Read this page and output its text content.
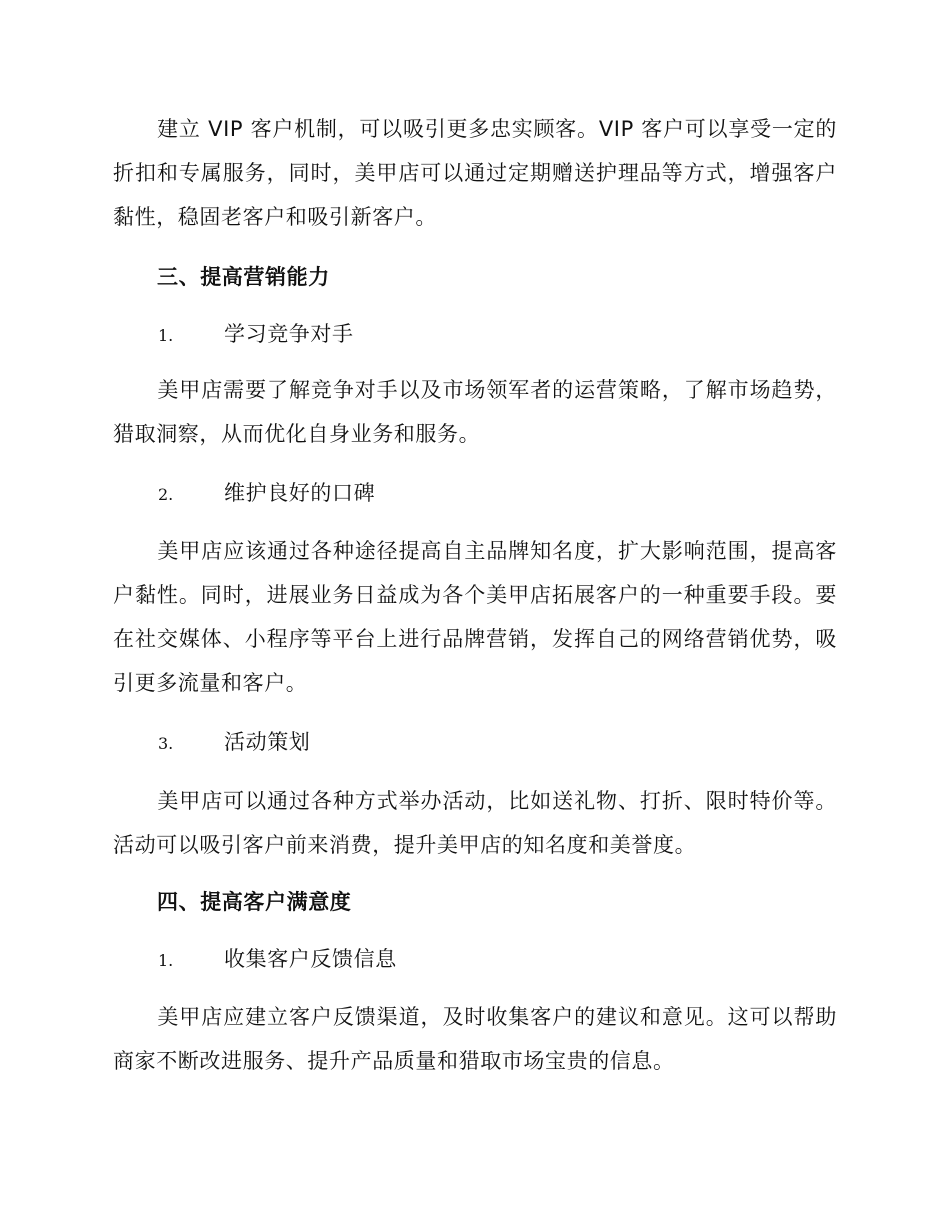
建立 VIP 客户机制，可以吸引更多忠实顾客。VIP 客户可以享受一定的折扣和专属服务，同时，美甲店可以通过定期赠送护理品等方式，增强客户黏性，稳固老客户和吸引新客户。

三、提高营销能力

1. 学习竞争对手

美甲店需要了解竞争对手以及市场领军者的运营策略，了解市场趋势，猎取洞察，从而优化自身业务和服务。

2. 维护良好的口碑

美甲店应该通过各种途径提高自主品牌知名度，扩大影响范围，提高客户黏性。同时，进展业务日益成为各个美甲店拓展客户的一种重要手段。要在社交媒体、小程序等平台上进行品牌营销，发挥自己的网络营销优势，吸引更多流量和客户。

3. 活动策划

美甲店可以通过各种方式举办活动，比如送礼物、打折、限时特价等。活动可以吸引客户前来消费，提升美甲店的知名度和美誉度。

四、提高客户满意度

1. 收集客户反馈信息

美甲店应建立客户反馈渠道，及时收集客户的建议和意见。这可以帮助商家不断改进服务、提升产品质量和猎取市场宝贵的信息。
